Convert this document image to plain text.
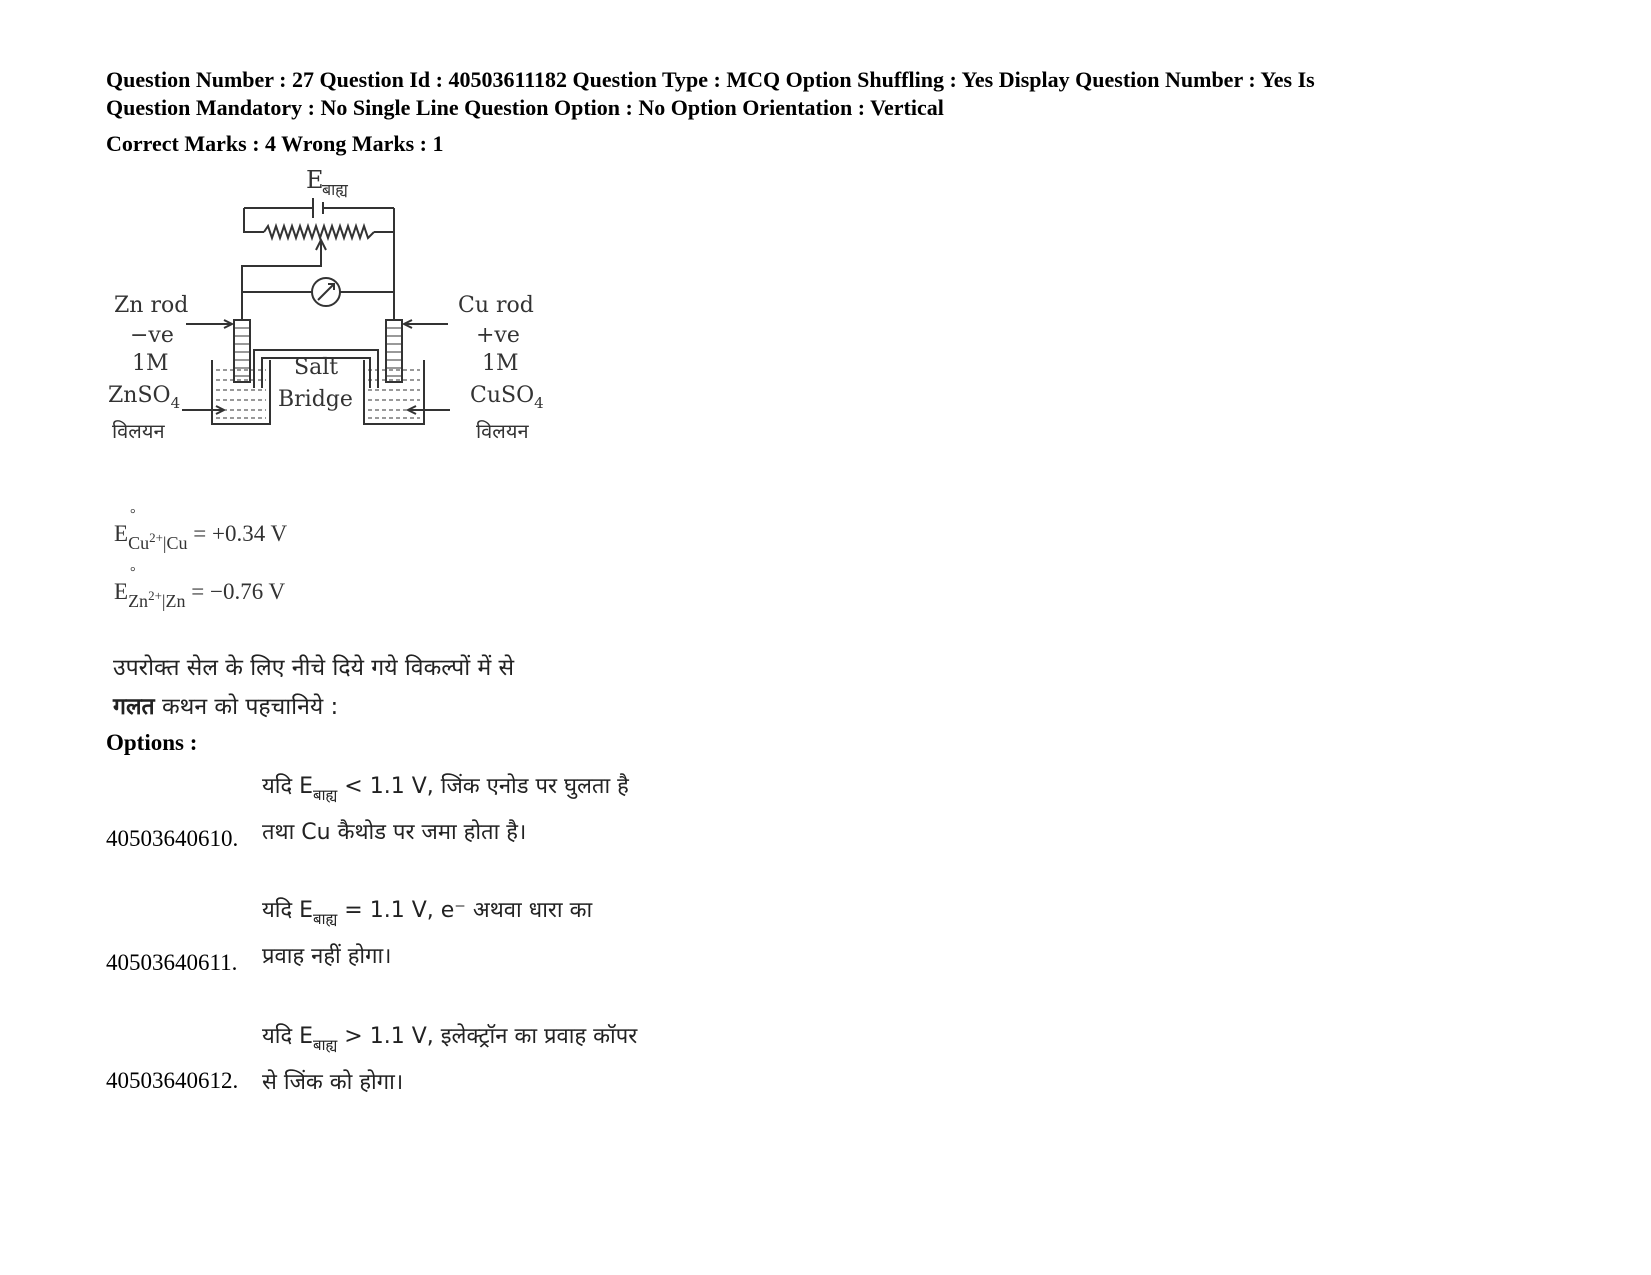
Question Number : 27 Question Id : 40503611182 Question Type : MCQ Option Shuffling : Yes Display Question Number : Yes Is
Question Mandatory : No Single Line Question Option : No Option Orientation : Vertical
Correct Marks : 4 Wrong Marks : 1
E
बाह्य
Zn rod
−ve
1M
ZnSO$_4$
विलयन
Salt
Bridge
Cu rod
+ve
1M
CuSO$_4$
विलयन
°
$E_{Cu^{2+}|Cu} = +0.34$ V
°
$E_{Zn^{2+}|Zn} = -0.76$ V
उपरोक्त सेल के लिए नीचे दिये गये विकल्पों में से
गलत कथन को पहचानिये :
Options :
40503640610.
यदि $E_{बाह्य} < 1.1$ V, जिंक एनोड पर घुलता है
तथा Cu कैथोड पर जमा होता है।
40503640611.
यदि $E_{बाह्य} = 1.1$ V, e⁻ अथवा धारा का
प्रवाह नहीं होगा।
40503640612.
यदि $E_{बाह्य} > 1.1$ V, इलेक्ट्रॉन का प्रवाह कॉपर
से जिंक को होगा।
